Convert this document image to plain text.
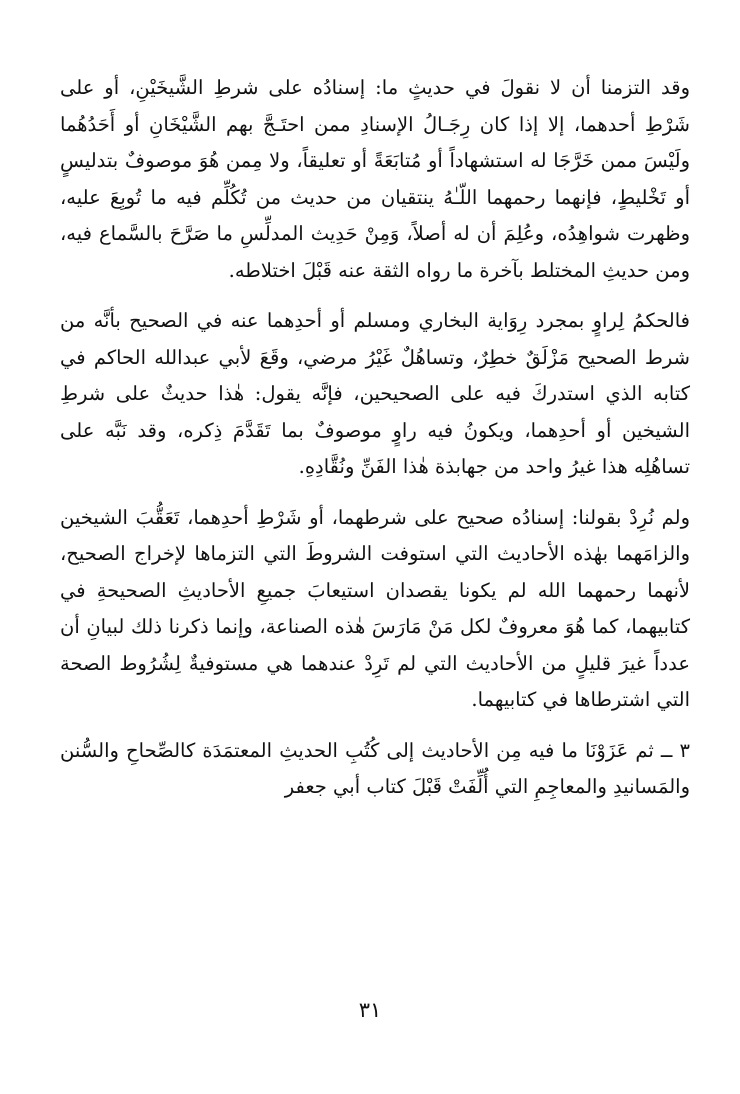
وقد التزمنا أن لا نقولَ في حديثٍ ما: إسنادُه على شرطِ الشَّيخَيْنِ، أو على شَرْطِ أحدهما، إلا إذا كان رِجَـالُ الإسنادِ ممن احتَـجَّ بهم الشَّيْخَانِ أو أَحَدُهُما ولَيْسَ ممن خَرَّجَا له استشهاداً أو مُتابَعَةً أو تعليقاً، ولا مِمن هُوَ موصوفٌ بتدليسٍ أو تَخْليطٍ، فإنهما رحمهما اللّـٰهُ ينتقيان من حديث من تُكُلِّم فيه ما تُوبِعَ عليه، وظهرت شواهِدُه، وعُلِمَ أن له أصلاً، وَمِنْ حَدِيث المدلِّسِ ما صَرَّحَ بالسَّماع فيه، ومن حديثِ المختلط بآخرة ما رواه الثقة عنه قَبْلَ اختلاطه.

فالحكمُ لِراوٍ بمجرد رِوَاية البخاري ومسلم أو أحدِهما عنه في الصحيح بأنَّه من شرط الصحيح مَزْلَقٌ خطِرٌ، وتساهُلٌ غَيْرُ مرضي، وقَعَ لأبي عبدالله الحاكم في كتابه الذي استدركَ فيه على الصحيحين، فإنَّه يقول: هٰذا حديثٌ على شرطِ الشيخين أو أحدِهما، ويكونُ فيه راوٍ موصوفٌ بما تَقَدَّمَ ذِكره، وقد نَبَّه على تساهُلِه هذا غيرُ واحد من جهابذة هٰذا الفَنِّ ونُقَّادِهِ.

ولم نُرِدْ بقولنا: إسنادُه صحيح على شرطهما، أو شَرْطِ أحدِهما، تَعَقُّبَ الشيخين والزامَهما بهٰذه الأحاديث التي استوفت الشروطَ التي التزماها لإخراج الصحيح، لأنهما رحمهما الله لم يكونا يقصدان استيعابَ جميعِ الأحاديثِ الصحيحةِ في كتابيهما، كما هُوَ معروفٌ لكل مَنْ مَارَسَ هٰذه الصناعة، وإنما ذكرنا ذلك لبيانِ أن عدداً غيرَ قليلٍ من الأحاديث التي لم تَرِدْ عندهما هي مستوفيةٌ لِشُرُوط الصحة التي اشترطاها في كتابيهما.

٣ ــ ثم عَزَوْنَا ما فيه مِن الأحاديث إلى كُتُبِ الحديثِ المعتمَدَة كالصِّحاحِ والسُّنن والمَسانيدِ والمعاجِمِ التي أُلِّفَتْ قَبْلَ كتاب أبي جعفر

٣١
